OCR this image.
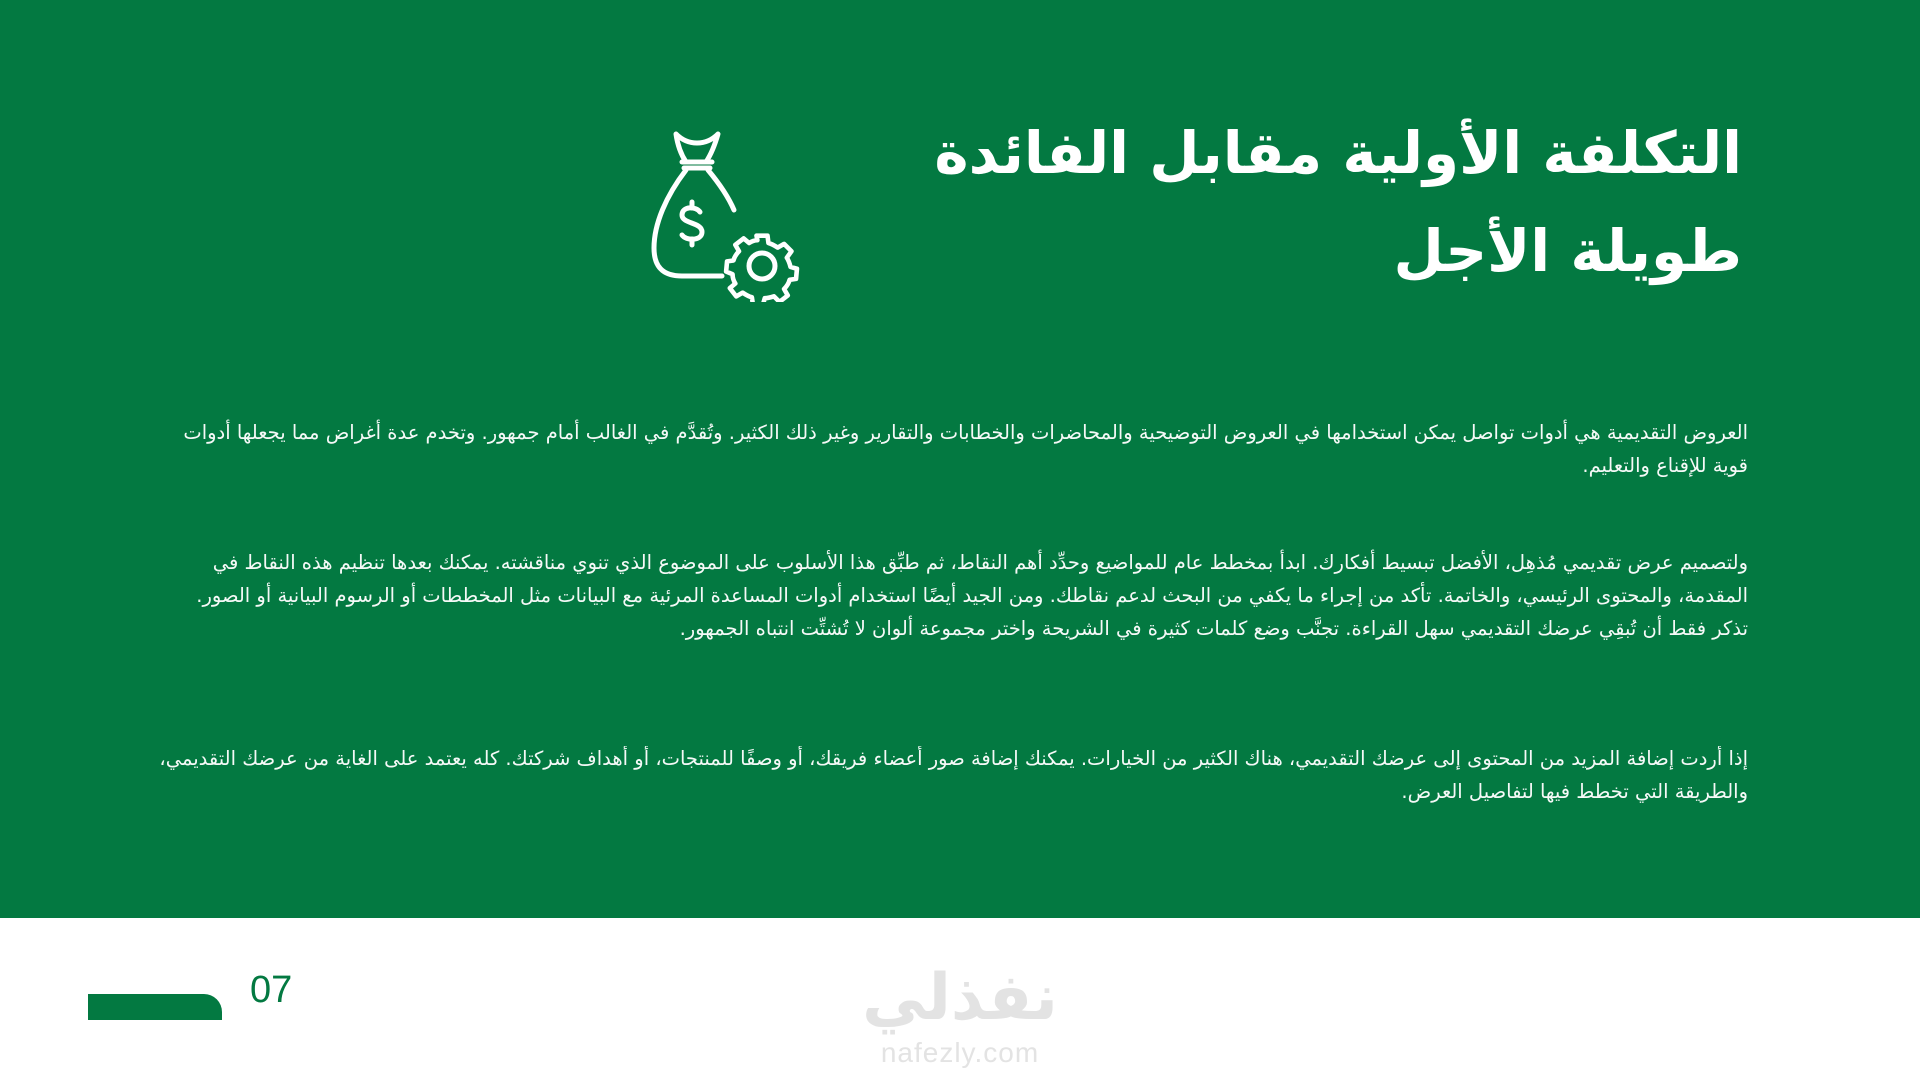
التكلفة الأولية مقابل الفائدة
طويلة الأجل

العروض التقديمية هي أدوات تواصل يمكن استخدامها في العروض التوضيحية والمحاضرات والخطابات والتقارير وغير ذلك الكثير. وتُقدَّم في الغالب أمام جمهور. وتخدم عدة أغراض مما يجعلها أدوات قوية للإقناع والتعليم.

ولتصميم عرض تقديمي مُذهِل، الأفضل تبسيط أفكارك. ابدأ بمخطط عام للمواضيع وحدِّد أهم النقاط، ثم طبِّق هذا الأسلوب على الموضوع الذي تنوي مناقشته. يمكنك بعدها تنظيم هذه النقاط في المقدمة، والمحتوى الرئيسي، والخاتمة. تأكد من إجراء ما يكفي من البحث لدعم نقاطك. ومن الجيد أيضًا استخدام أدوات المساعدة المرئية مع البيانات مثل المخططات أو الرسوم البيانية أو الصور. تذكر فقط أن تُبقِي عرضك التقديمي سهل القراءة. تجنَّب وضع كلمات كثيرة في الشريحة واختر مجموعة ألوان لا تُشتِّت انتباه الجمهور.

إذا أردت إضافة المزيد من المحتوى إلى عرضك التقديمي، هناك الكثير من الخيارات. يمكنك إضافة صور أعضاء فريقك، أو وصفًا للمنتجات، أو أهداف شركتك. كله يعتمد على الغاية من عرضك التقديمي، والطريقة التي تخطط فيها لتفاصيل العرض.

07	نفذلي
nafezly.com
